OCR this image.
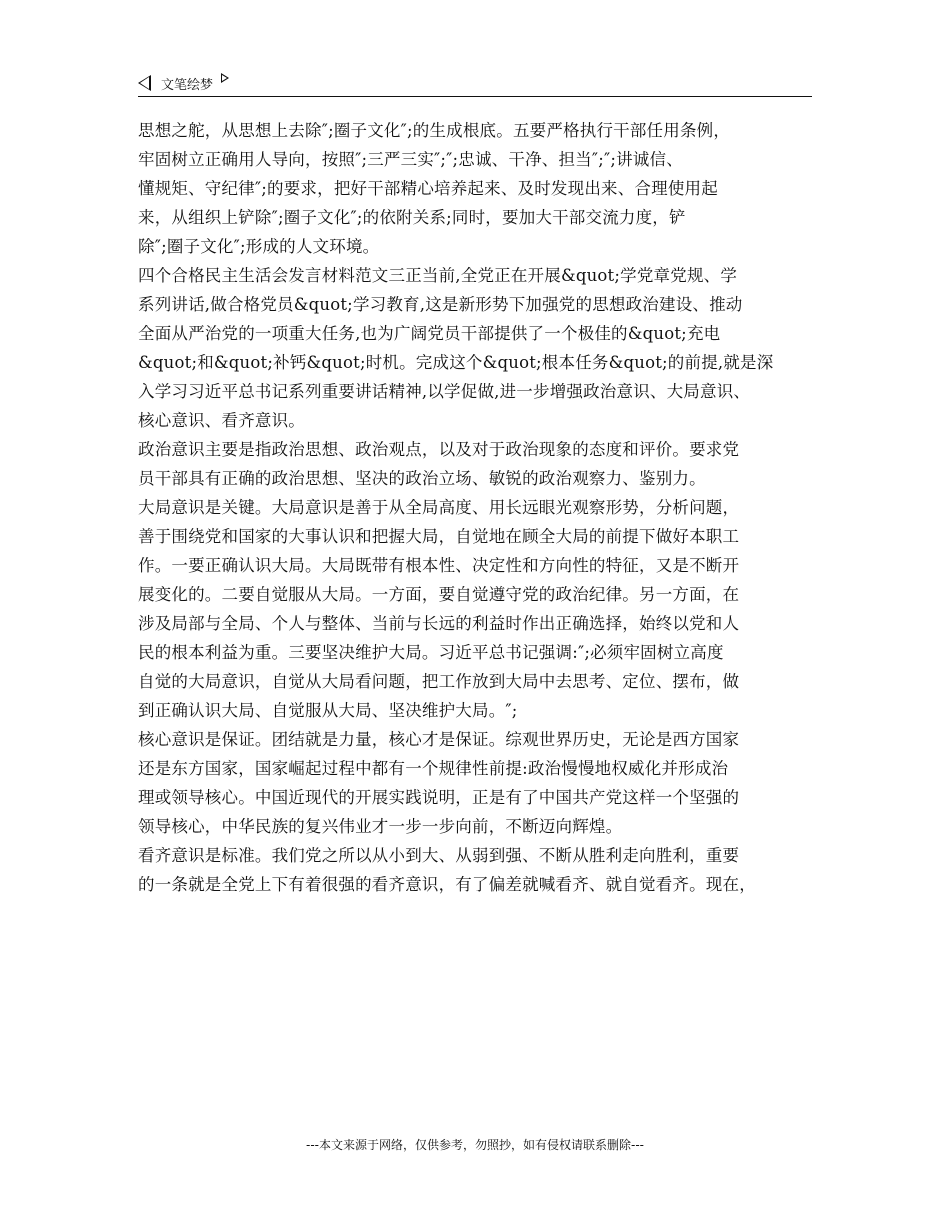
文笔绘梦
思想之舵，从思想上去除″;圈子文化″;的生成根底。五要严格执行干部任用条例，
牢固树立正确用人导向，按照″;三严三实″;″;忠诚、干净、担当″;″;讲诚信、
懂规矩、守纪律″;的要求，把好干部精心培养起来、及时发现出来、合理使用起
来，从组织上铲除″;圈子文化″;的依附关系;同时，要加大干部交流力度，铲
除″;圈子文化″;形成的人文环境。
四个合格民主生活会发言材料范文三正当前,全党正在开展&quot;学党章党规、学
系列讲话,做合格党员&quot;学习教育,这是新形势下加强党的思想政治建设、推动
全面从严治党的一项重大任务,也为广阔党员干部提供了一个极佳的&quot;充电
&quot;和&quot;补钙&quot;时机。完成这个&quot;根本任务&quot;的前提,就是深
入学习习近平总书记系列重要讲话精神,以学促做,进一步增强政治意识、大局意识、
核心意识、看齐意识。
政治意识主要是指政治思想、政治观点，以及对于政治现象的态度和评价。要求党
员干部具有正确的政治思想、坚决的政治立场、敏锐的政治观察力、鉴别力。
大局意识是关键。大局意识是善于从全局高度、用长远眼光观察形势，分析问题，
善于围绕党和国家的大事认识和把握大局，自觉地在顾全大局的前提下做好本职工
作。一要正确认识大局。大局既带有根本性、决定性和方向性的特征，又是不断开
展变化的。二要自觉服从大局。一方面，要自觉遵守党的政治纪律。另一方面，在
涉及局部与全局、个人与整体、当前与长远的利益时作出正确选择，始终以党和人
民的根本利益为重。三要坚决维护大局。习近平总书记强调:″;必须牢固树立高度
自觉的大局意识，自觉从大局看问题，把工作放到大局中去思考、定位、摆布，做
到正确认识大局、自觉服从大局、坚决维护大局。″;
核心意识是保证。团结就是力量，核心才是保证。综观世界历史，无论是西方国家
还是东方国家，国家崛起过程中都有一个规律性前提:政治慢慢地权威化并形成治
理或领导核心。中国近现代的开展实践说明，正是有了中国共产党这样一个坚强的
领导核心，中华民族的复兴伟业才一步一步向前，不断迈向辉煌。
看齐意识是标准。我们党之所以从小到大、从弱到强、不断从胜利走向胜利，重要
的一条就是全党上下有着很强的看齐意识，有了偏差就喊看齐、就自觉看齐。现在，
---本文来源于网络，仅供参考，勿照抄，如有侵权请联系删除---
